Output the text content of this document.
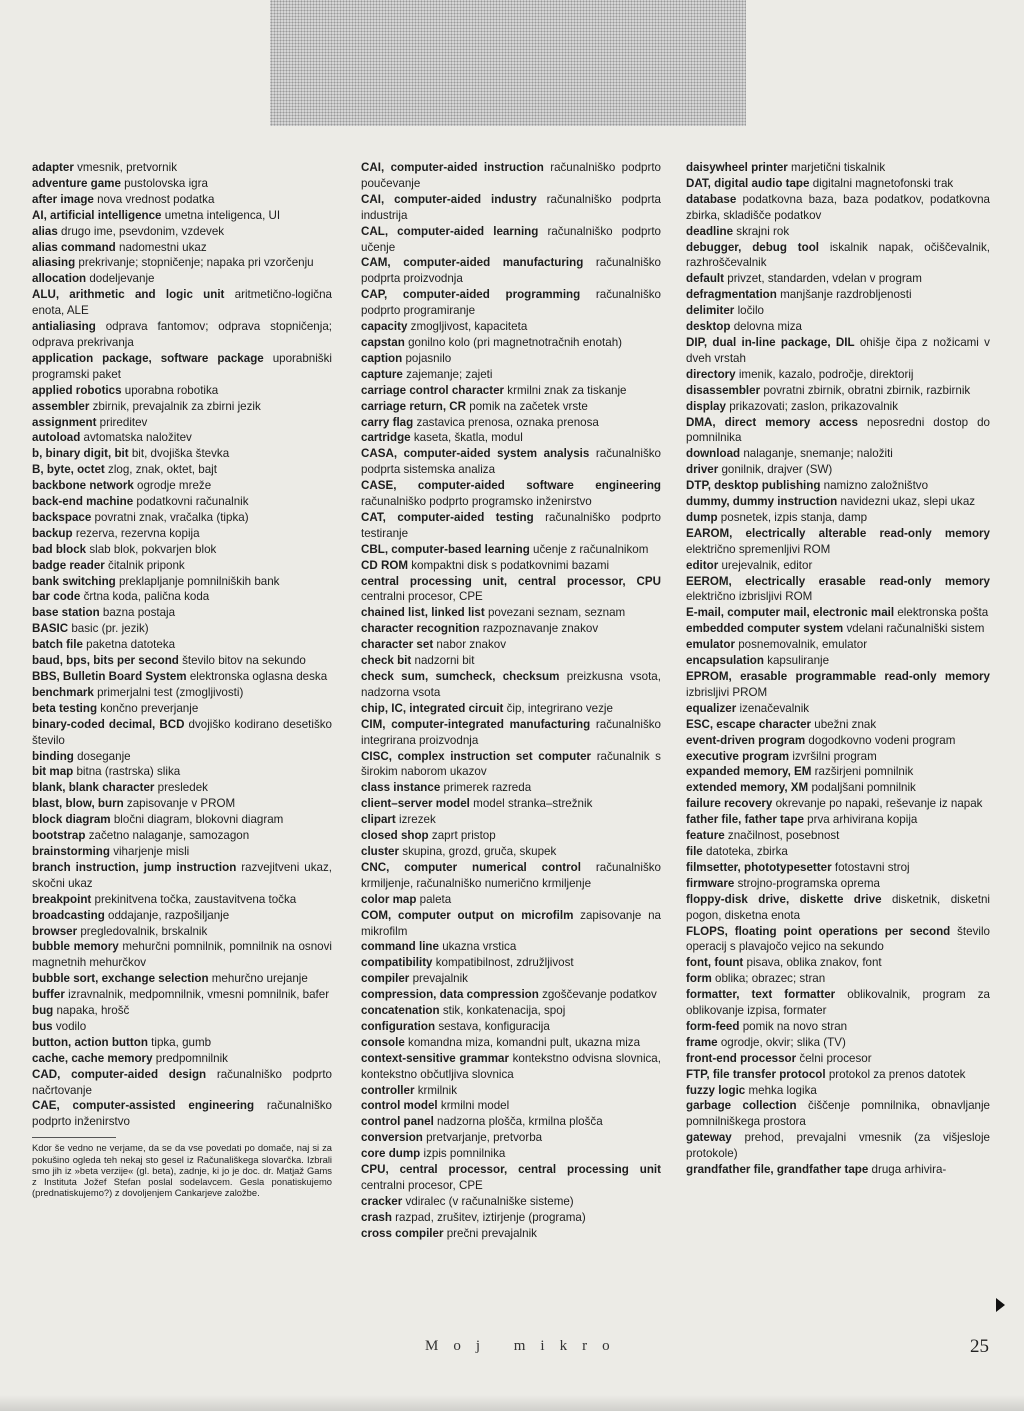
adapter vmesnik, pretvornik

adventure game pustolovska igra

after image nova vrednost podatka

AI, artificial intelligence umetna inteligenca, UI

alias drugo ime, psevdonim, vzdevek

alias command nadomestni ukaz

aliasing prekrivanje; stopničenje; napaka pri vzorčenju

allocation dodeljevanje

ALU, arithmetic and logic unit aritmetično-logična enota, ALE

antialiasing odprava fantomov; odprava stopničenja; odprava prekrivanja

application package, software package uporabniški programski paket

applied robotics uporabna robotika

assembler zbirnik, prevajalnik za zbirni jezik

assignment prireditev

autoload avtomatska naložitev

b, binary digit, bit bit, dvojiška števka

B, byte, octet zlog, znak, oktet, bajt

backbone network ogrodje mreže

back-end machine podatkovni računalnik

backspace povratni znak, vračalka (tipka)

backup rezerva, rezervna kopija

bad block slab blok, pokvarjen blok

badge reader čitalnik priponk

bank switching preklapljanje pomnilniških bank

bar code črtna koda, palična koda

base station bazna postaja

BASIC basic (pr. jezik)

batch file paketna datoteka

baud, bps, bits per second število bitov na sekundo

BBS, Bulletin Board System elektronska oglasna deska

benchmark primerjalni test (zmogljivosti)

beta testing končno preverjanje

binary-coded decimal, BCD dvojiško kodirano desetiško število

binding doseganje

bit map bitna (rastrska) slika

blank, blank character presledek

blast, blow, burn zapisovanje v PROM

block diagram bločni diagram, blokovni diagram

bootstrap začetno nalaganje, samozagon

brainstorming viharjenje misli

branch instruction, jump instruction razvejitveni ukaz, skočni ukaz

breakpoint prekinitvena točka, zaustavitvena točka

broadcasting oddajanje, razpošiljanje

browser pregledovalnik, brskalnik

bubble memory mehurčni pomnilnik, pomnilnik na osnovi magnetnih mehurčkov

bubble sort, exchange selection mehurčno urejanje

buffer izravnalnik, medpomnilnik, vmesni pomnilnik, bafer

bug napaka, hrošč

bus vodilo

button, action button tipka, gumb

cache, cache memory predpomnilnik

CAD, computer-aided design računalniško podprto načrtovanje

CAE, computer-assisted engineering računalniško podprto inženirstvo

Kdor še vedno ne verjame, da se da vse povedati po domače, naj si za pokušino ogleda teh nekaj sto gesel iz Računališkega slovarčka. Izbrali smo jih iz »beta verzije« (gl. beta), zadnje, ki jo je doc. dr. Matjaž Gams z Instituta Jožef Stefan poslal sodelavcem. Gesla ponatiskujemo (prednatiskujemo?) z dovoljenjem Cankarjeve založbe.

CAI, computer-aided instruction računalniško podprto poučevanje

CAI, computer-aided industry računalniško podprta industrija

CAL, computer-aided learning računalniško podprto učenje

CAM, computer-aided manufacturing računalniško podprta proizvodnja

CAP, computer-aided programming računalniško podprto programiranje

capacity zmogljivost, kapaciteta

capstan gonilno kolo (pri magnetnotračnih enotah)

caption pojasnilo

capture zajemanje; zajeti

carriage control character krmilni znak za tiskanje

carriage return, CR pomik na začetek vrste

carry flag zastavica prenosa, oznaka prenosa

cartridge kaseta, škatla, modul

CASA, computer-aided system analysis računalniško podprta sistemska analiza

CASE, computer-aided software engineering računalniško podprto programsko inženirstvo

CAT, computer-aided testing računalniško podprto testiranje

CBL, computer-based learning učenje z računalnikom

CD ROM kompaktni disk s podatkovnimi bazami

central processing unit, central processor, CPU centralni procesor, CPE

chained list, linked list povezani seznam, seznam

character recognition razpoznavanje znakov

character set nabor znakov

check bit nadzorni bit

check sum, sumcheck, checksum preizkusna vsota, nadzorna vsota

chip, IC, integrated circuit čip, integrirano vezje

CIM, computer-integrated manufacturing računalniško integrirana proizvodnja

CISC, complex instruction set computer računalnik s širokim naborom ukazov

class instance primerek razreda

client–server model model stranka–strežnik

clipart izrezek

closed shop zaprt pristop

cluster skupina, grozd, gruča, skupek

CNC, computer numerical control računalniško krmiljenje, računalniško numerično krmiljenje

color map paleta

COM, computer output on microfilm zapisovanje na mikrofilm

command line ukazna vrstica

compatibility kompatibilnost, združljivost

compiler prevajalnik

compression, data compression zgoščevanje podatkov

concatenation stik, konkatenacija, spoj

configuration sestava, konfiguracija

console komandna miza, komandni pult, ukazna miza

context-sensitive grammar kontekstno odvisna slovnica, kontekstno občutljiva slovnica

controller krmilnik

control model krmilni model

control panel nadzorna plošča, krmilna plošča

conversion pretvarjanje, pretvorba

core dump izpis pomnilnika

CPU, central processor, central processing unit centralni procesor, CPE

cracker vdiralec (v računalniške sisteme)

crash razpad, zrušitev, iztirjenje (programa)

cross compiler prečni prevajalnik

daisywheel printer marjetični tiskalnik

DAT, digital audio tape digitalni magnetofonski trak

database podatkovna baza, baza podatkov, podatkovna zbirka, skladišče podatkov

deadline skrajni rok

debugger, debug tool iskalnik napak, očiščevalnik, razhroščevalnik

default privzet, standarden, vdelan v program

defragmentation manjšanje razdrobljenosti

delimiter ločilo

desktop delovna miza

DIP, dual in-line package, DIL ohišje čipa z nožicami v dveh vrstah

directory imenik, kazalo, področje, direktorij

disassembler povratni zbirnik, obratni zbirnik, razbirnik

display prikazovati; zaslon, prikazovalnik

DMA, direct memory access neposredni dostop do pomnilnika

download nalaganje, snemanje; naložiti

driver gonilnik, drajver (SW)

DTP, desktop publishing namizno založništvo

dummy, dummy instruction navidezni ukaz, slepi ukaz

dump posnetek, izpis stanja, damp

EAROM, electrically alterable read-only memory električno spremenljivi ROM

editor urejevalnik, editor

EEROM, electrically erasable read-only memory električno izbrisljivi ROM

E-mail, computer mail, electronic mail elektronska pošta

embedded computer system vdelani računalniški sistem

emulator posnemovalnik, emulator

encapsulation kapsuliranje

EPROM, erasable programmable read-only memory izbrisljivi PROM

equalizer izenačevalnik

ESC, escape character ubežni znak

event-driven program dogodkovno vodeni program

executive program izvršilni program

expanded memory, EM razširjeni pomnilnik

extended memory, XM podaljšani pomnilnik

failure recovery okrevanje po napaki, reševanje iz napak

father file, father tape prva arhivirana kopija

feature značilnost, posebnost

file datoteka, zbirka

filmsetter, phototypesetter fotostavni stroj

firmware strojno-programska oprema

floppy-disk drive, diskette drive disketnik, disketni pogon, disketna enota

FLOPS, floating point operations per second število operacij s plavajočo vejico na sekundo

font, fount pisava, oblika znakov, font

form oblika; obrazec; stran

formatter, text formatter oblikovalnik, program za oblikovanje izpisa, formater

form-feed pomik na novo stran

frame ogrodje, okvir; slika (TV)

front-end processor čelni procesor

FTP, file transfer protocol protokol za prenos datotek

fuzzy logic mehka logika

garbage collection čiščenje pomnilnika, obnavljanje pomnilniškega prostora

gateway prehod, prevajalni vmesnik (za višjesloje protokole)

grandfather file, grandfather tape druga arhivira-

Moj mikro	25
